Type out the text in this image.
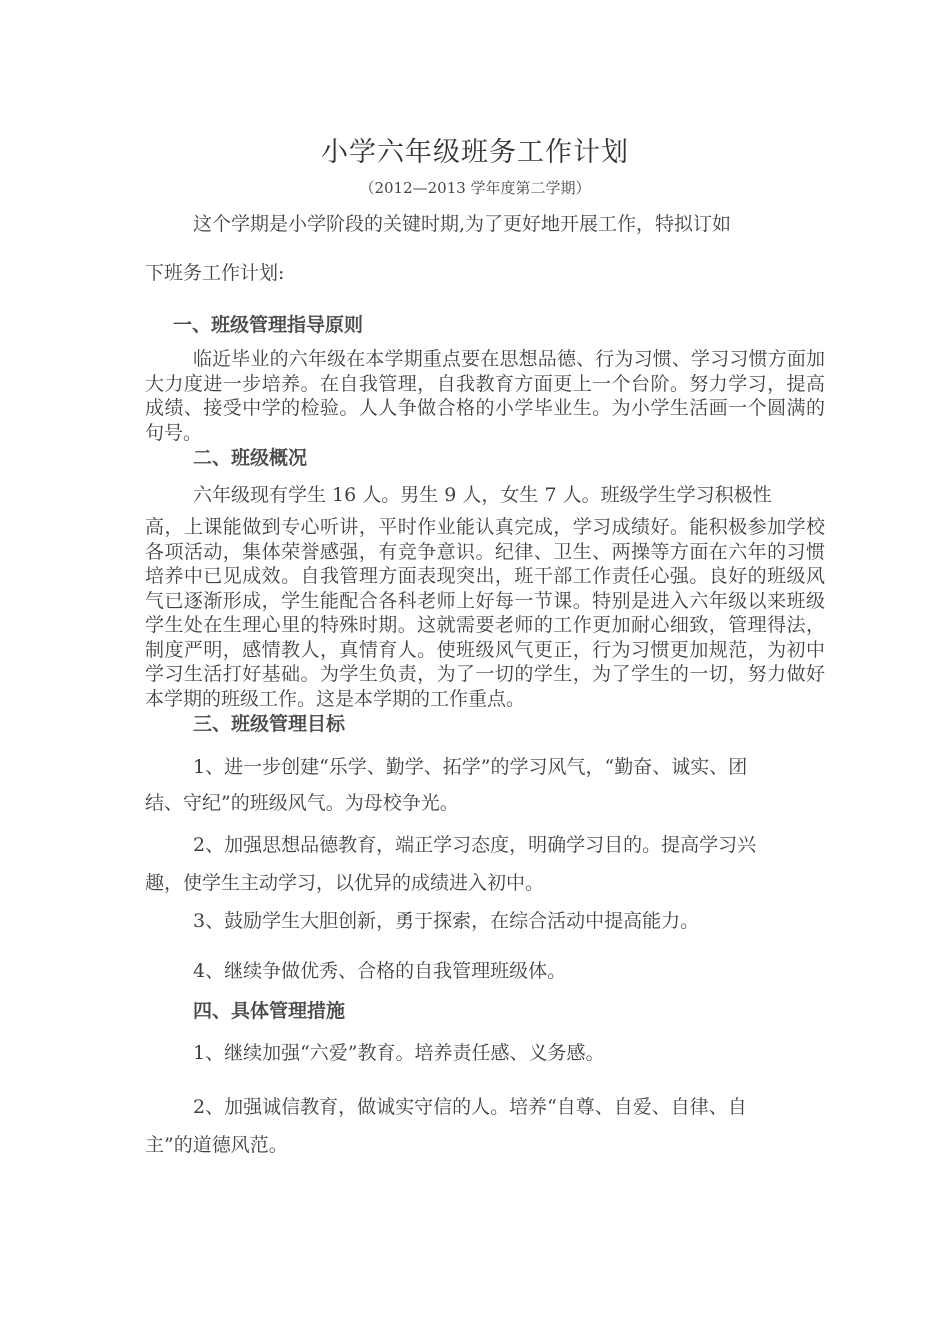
小学六年级班务工作计划

（2012—2013 学年度第二学期）

这个学期是小学阶段的关键时期,为了更好地开展工作，特拟订如

下班务工作计划:

一、班级管理指导原则

临近毕业的六年级在本学期重点要在思想品德、行为习惯、学习习惯方面加大力度进一步培养。在自我管理，自我教育方面更上一个台阶。努力学习，提高成绩、接受中学的检验。人人争做合格的小学毕业生。为小学生活画一个圆满的句号。

二、班级概况

六年级现有学生 16 人。男生 9 人，女生 7 人。班级学生学习积极性

高，上课能做到专心听讲，平时作业能认真完成，学习成绩好。能积极参加学校各项活动，集体荣誉感强，有竞争意识。纪律、卫生、两操等方面在六年的习惯培养中已见成效。自我管理方面表现突出，班干部工作责任心强。良好的班级风气已逐渐形成，学生能配合各科老师上好每一节课。特别是进入六年级以来班级学生处在生理心里的特殊时期。这就需要老师的工作更加耐心细致，管理得法，制度严明，感情教人，真情育人。使班级风气更正，行为习惯更加规范，为初中学习生活打好基础。为学生负责，为了一切的学生，为了学生的一切，努力做好本学期的班级工作。这是本学期的工作重点。

三、班级管理目标

1、进一步创建“乐学、勤学、拓学”的学习风气，“勤奋、诚实、团

结、守纪”的班级风气。为母校争光。

2、加强思想品德教育，端正学习态度，明确学习目的。提高学习兴

趣，使学生主动学习，以优异的成绩进入初中。

3、鼓励学生大胆创新，勇于探索，在综合活动中提高能力。

4、继续争做优秀、合格的自我管理班级体。

四、具体管理措施

1、继续加强“六爱”教育。培养责任感、义务感。

2、加强诚信教育，做诚实守信的人。培养“自尊、自爱、自律、自

主”的道德风范。
